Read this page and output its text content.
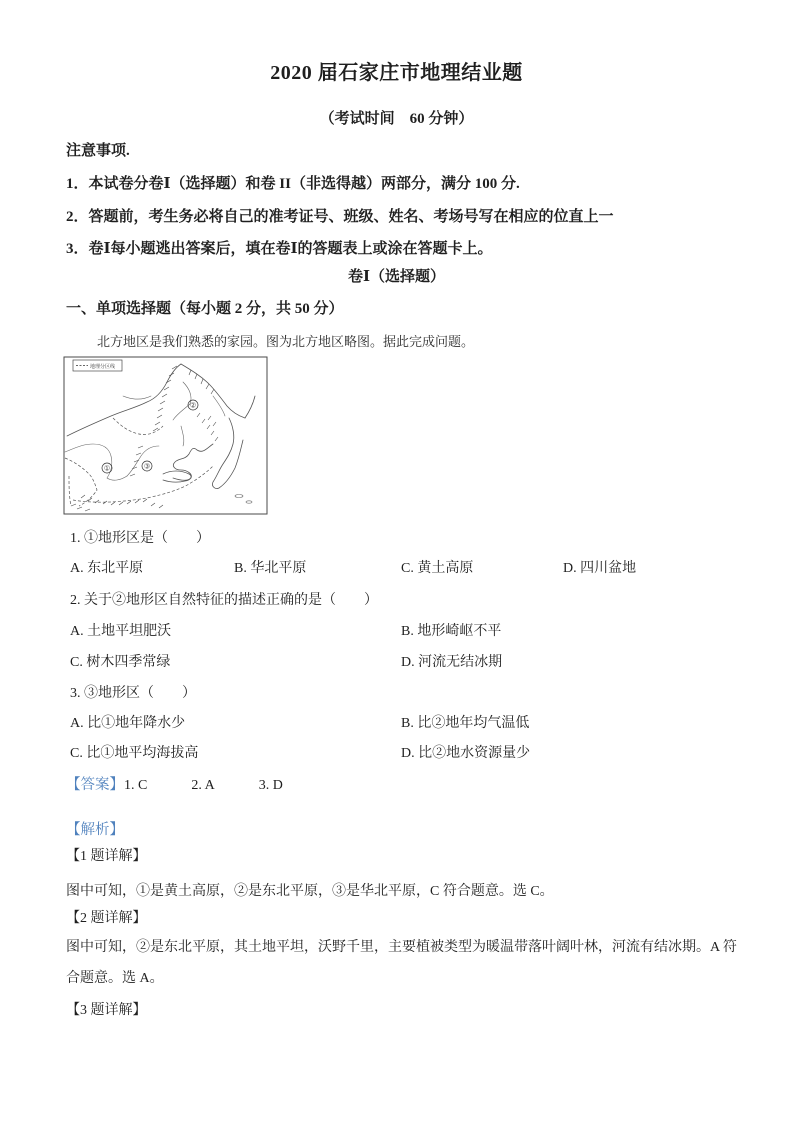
2020 届石家庄市地理结业题
（考试时间　60 分钟）
注意事项.
1．本试卷分卷Ⅰ（选择题）和卷 II（非选得越）两部分，满分 100 分.
2．答题前，考生务必将自己的准考证号、班级、姓名、考场号写在相应的位直上一
3．卷Ⅰ每小题逃出答案后，填在卷Ⅰ的答题表上或涂在答题卡上。
卷Ⅰ（选择题）
一、单项选择题（每小题 2 分，共 50 分）
北方地区是我们熟悉的家园。图为北方地区略图。据此完成问题。
地理分区线
①
②
③
1. ①地形区是（　　）
A. 东北平原	B. 华北平原	C. 黄土高原	D. 四川盆地
2. 关于②地形区自然特征的描述正确的是（　　）
A. 土地平坦肥沃	B. 地形崎岖不平
C. 树木四季常绿	D. 河流无结冰期
3. ③地形区（　　）
A. 比①地年降水少	B. 比②地年均气温低
C. 比①地平均海拔高	D. 比②地水资源量少
【答案】1. C	2. A	3. D
【解析】
【1 题详解】
图中可知，①是黄土高原，②是东北平原，③是华北平原，C 符合题意。选 C。
【2 题详解】
图中可知，②是东北平原，其土地平坦，沃野千里，主要植被类型为暖温带落叶阔叶林，河流有结冰期。A 符合题意。选 A。
【3 题详解】
